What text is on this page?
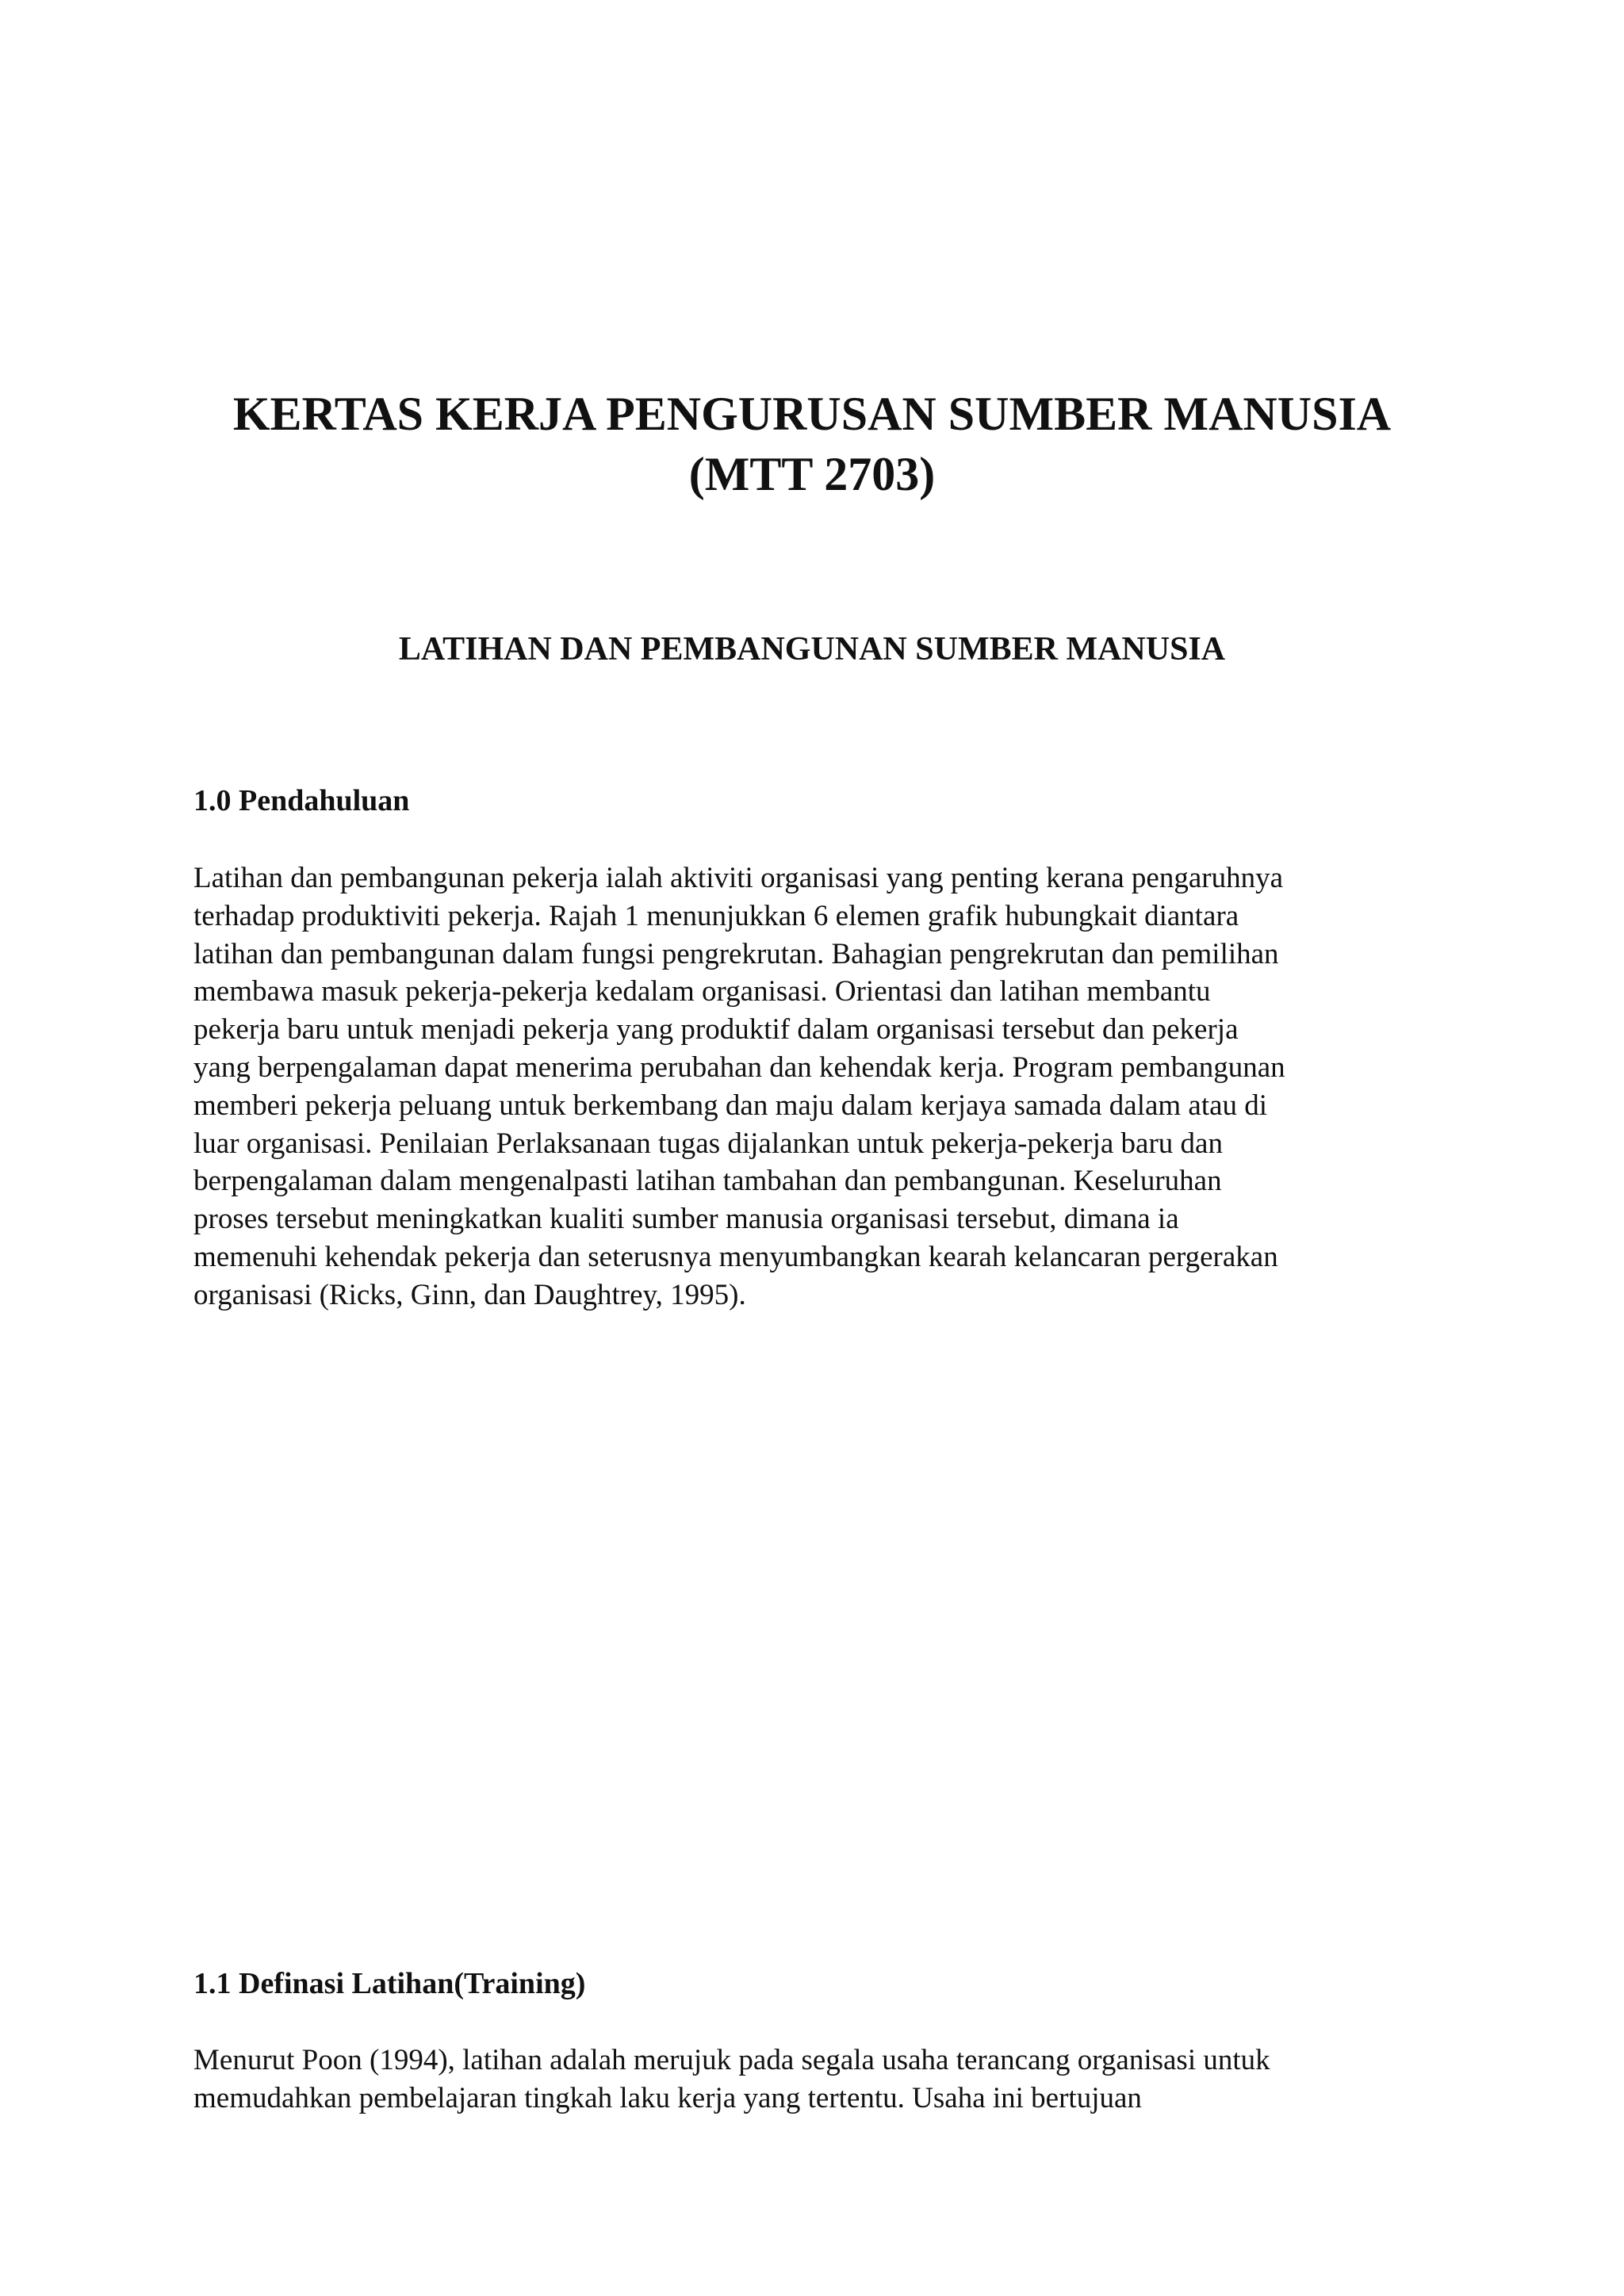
KERTAS KERJA PENGURUSAN SUMBER MANUSIA
(MTT 2703)
LATIHAN DAN PEMBANGUNAN SUMBER MANUSIA
1.0 Pendahuluan
Latihan dan pembangunan pekerja ialah aktiviti organisasi yang penting kerana pengaruhnya
terhadap produktiviti pekerja. Rajah 1 menunjukkan 6 elemen grafik hubungkait diantara
latihan dan pembangunan dalam fungsi pengrekrutan. Bahagian pengrekrutan dan pemilihan
membawa masuk pekerja-pekerja kedalam organisasi. Orientasi dan latihan membantu
pekerja baru untuk menjadi pekerja yang produktif dalam organisasi tersebut dan pekerja
yang berpengalaman dapat menerima perubahan dan kehendak kerja. Program pembangunan
memberi pekerja peluang untuk berkembang dan maju dalam kerjaya samada dalam atau di
luar organisasi. Penilaian Perlaksanaan tugas dijalankan untuk pekerja-pekerja baru dan
berpengalaman dalam mengenalpasti latihan tambahan dan pembangunan. Keseluruhan
proses tersebut meningkatkan kualiti sumber manusia organisasi tersebut, dimana ia
memenuhi kehendak pekerja dan seterusnya menyumbangkan kearah kelancaran pergerakan
organisasi (Ricks, Ginn, dan Daughtrey, 1995).
1.1 Definasi Latihan(Training)
Menurut Poon (1994), latihan adalah merujuk pada segala usaha terancang organisasi untuk
memudahkan pembelajaran tingkah laku kerja yang tertentu. Usaha ini bertujuan
